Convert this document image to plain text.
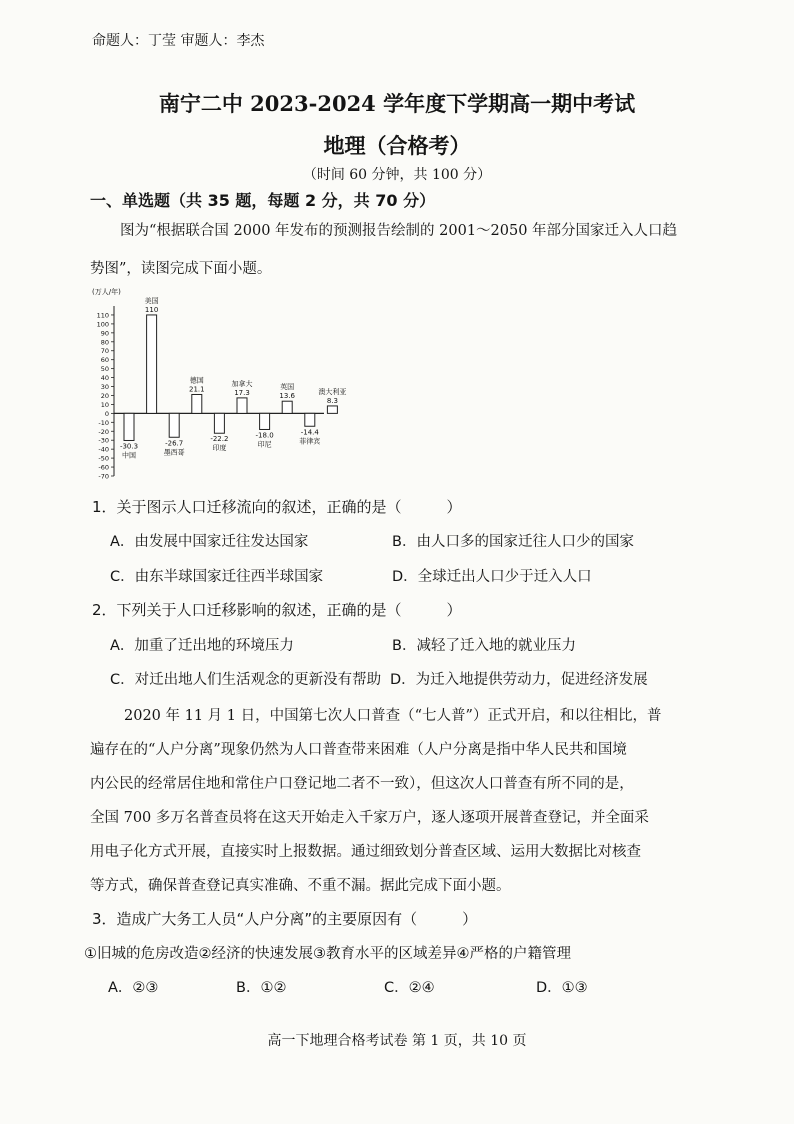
命题人：丁莹 审题人：李杰
南宁二中 2023-2024 学年度下学期高一期中考试
地理（合格考）
（时间 60 分钟，共 100 分）
一、单选题（共 35 题，每题 2 分，共 70 分）
图为“根据联合国 2000 年发布的预测报告绘制的 2001～2050 年部分国家迁入人口趋
势图”，读图完成下面小题。
(万人/年)
110
100
90
80
70
60
50
40
30
20
10
0
-10
-20
-30
-40
-50
-60
-70
-30.3
中国
110
美国
-26.7
墨西哥
21.1
德国
-22.2
印度
17.3
加拿大
-18.0
印尼
13.6
英国
-14.4
菲律宾
8.3
澳大利亚
1．关于图示人口迁移流向的叙述，正确的是（　　　）
A．由发展中国家迁往发达国家	B．由人口多的国家迁往人口少的国家
C．由东半球国家迁往西半球国家	D．全球迁出人口少于迁入人口
2．下列关于人口迁移影响的叙述，正确的是（　　　）
A．加重了迁出地的环境压力	B．减轻了迁入地的就业压力
C．对迁出地人们生活观念的更新没有帮助 D．为迁入地提供劳动力，促进经济发展
2020 年 11 月 1 日，中国第七次人口普查（“七人普”）正式开启，和以往相比，普
遍存在的“人户分离”现象仍然为人口普查带来困难（人户分离是指中华人民共和国境
内公民的经常居住地和常住户口登记地二者不一致），但这次人口普查有所不同的是，
全国 700 多万名普查员将在这天开始走入千家万户，逐人逐项开展普查登记，并全面采
用电子化方式开展，直接实时上报数据。通过细致划分普查区域、运用大数据比对核查
等方式，确保普查登记真实准确、不重不漏。据此完成下面小题。
3．造成广大务工人员“人户分离”的主要原因有（　　　）
①旧城的危房改造②经济的快速发展③教育水平的区域差异④严格的户籍管理
A．②③	B．①②	C．②④	D．①③
高一下地理合格考试卷 第 1 页，共 10 页
